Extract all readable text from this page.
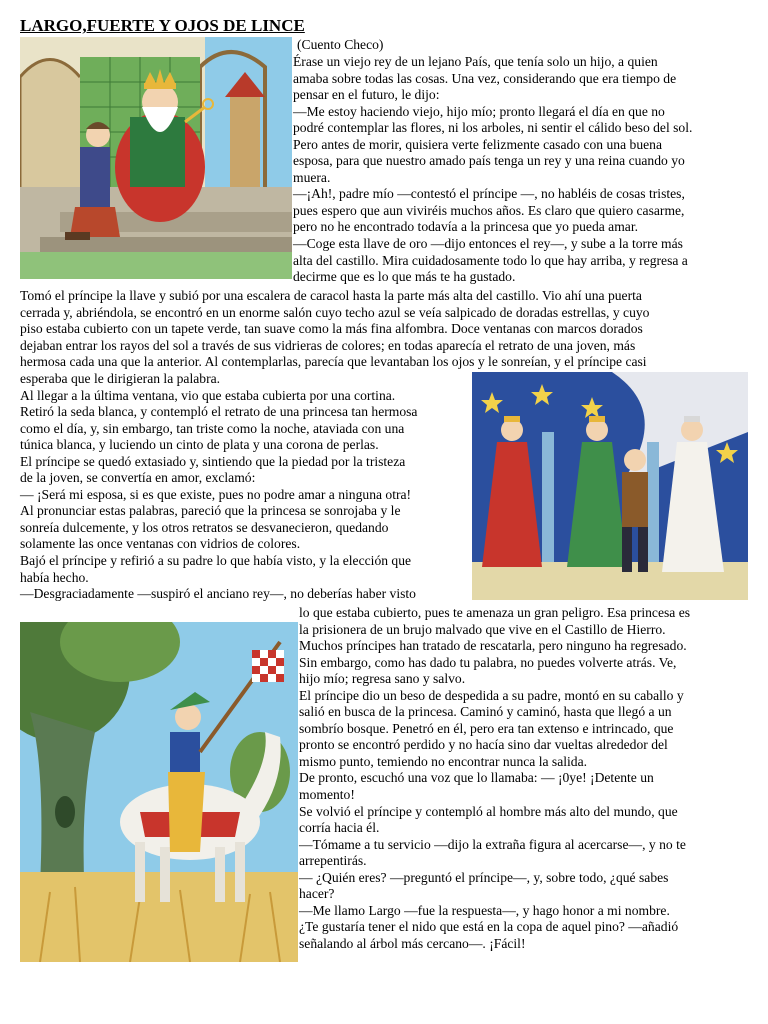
LARGO,FUERTE Y OJOS DE LINCE
(Cuento Checo)
Érase un viejo rey de un lejano País, que tenía solo un hijo, a quien
amaba sobre todas las cosas. Una vez, considerando que era tiempo de
pensar en el futuro, le dijo:
—Me estoy haciendo viejo, hijo mío; pronto llegará el día en que no
podré contemplar las flores, ni los arboles, ni sentir el cálido beso del sol.
Pero antes de morir, quisiera verte felizmente casado con una buena
esposa, para que nuestro amado país tenga un rey y una reina cuando yo
muera.
—¡Ah!, padre mío —contestó el príncipe —, no habléis de cosas tristes,
pues espero que aun viviréis muchos años. Es claro que quiero casarme,
pero no he encontrado todavía a la princesa que yo pueda amar.
—Coge esta llave de oro —dijo entonces el rey—, y sube a la torre más
alta del castillo. Mira cuidadosamente todo lo que hay arriba, y regresa a
decirme que es lo que más te ha gustado.
Tomó el príncipe la llave y subió por una escalera de caracol hasta la parte más alta del castillo. Vio ahí una puerta
cerrada y, abriéndola, se encontró en un enorme salón cuyo techo azul se veía salpicado de doradas estrellas, y cuyo
piso estaba cubierto con un tapete verde, tan suave como la más fina alfombra. Doce ventanas con marcos dorados
dejaban entrar los rayos del sol a través de sus vidrieras de colores; en todas aparecía el retrato de una joven, más
hermosa cada una que la anterior. Al contemplarlas, parecía que levantaban los ojos y le sonreían, y el príncipe casi
esperaba que le dirigieran la palabra.
Al llegar a la última ventana, vio que estaba cubierta por una cortina.
Retiró la seda blanca, y contempló el retrato de una princesa tan hermosa
como el día, y, sin embargo, tan triste como la noche, ataviada con una
túnica blanca, y luciendo un cinto de plata y una corona de perlas.
El príncipe se quedó extasiado y, sintiendo que la piedad por la tristeza
de la joven, se convertía en amor, exclamó:
— ¡Será mi esposa, si es que existe, pues no podre amar a ninguna otra!
Al pronunciar estas palabras, pareció que la princesa se sonrojaba y le
sonreía dulcemente, y los otros retratos se desvanecieron, quedando
solamente las once ventanas con vidrios de colores.
Bajó el príncipe y refirió a su padre lo que había visto, y la elección que
había hecho.
—Desgraciadamente —suspiró el anciano rey—, no deberías haber visto
lo que estaba cubierto, pues te amenaza un gran peligro. Esa princesa es
la prisionera de un brujo malvado que vive en el Castillo de Hierro.
Muchos príncipes han tratado de rescatarla, pero ninguno ha regresado.
Sin embargo, como has dado tu palabra, no puedes volverte atrás. Ve,
hijo mío; regresa sano y salvo.
El príncipe dio un beso de despedida a su padre, montó en su caballo y
salió en busca de la princesa. Caminó y caminó, hasta que llegó a un
sombrío bosque. Penetró en él, pero era tan extenso e intrincado, que
pronto se encontró perdido y no hacía sino dar vueltas alrededor del
mismo punto, temiendo no encontrar nunca la salida.
De pronto, escuchó una voz que lo llamaba: — ¡0ye! ¡Detente un
momento!
Se volvió el príncipe y contempló al hombre más alto del mundo, que
corría hacia él.
—Tómame a tu servicio —dijo la extraña figura al acercarse—, y no te
arrepentirás.
— ¿Quién eres? —preguntó el príncipe—, y, sobre todo, ¿qué sabes
hacer?
—Me llamo Largo —fue la respuesta—, y hago honor a mi nombre.
¿Te gustaría tener el nido que está en la copa de aquel pino? —añadió
señalando al árbol más cercano—. ¡Fácil!
